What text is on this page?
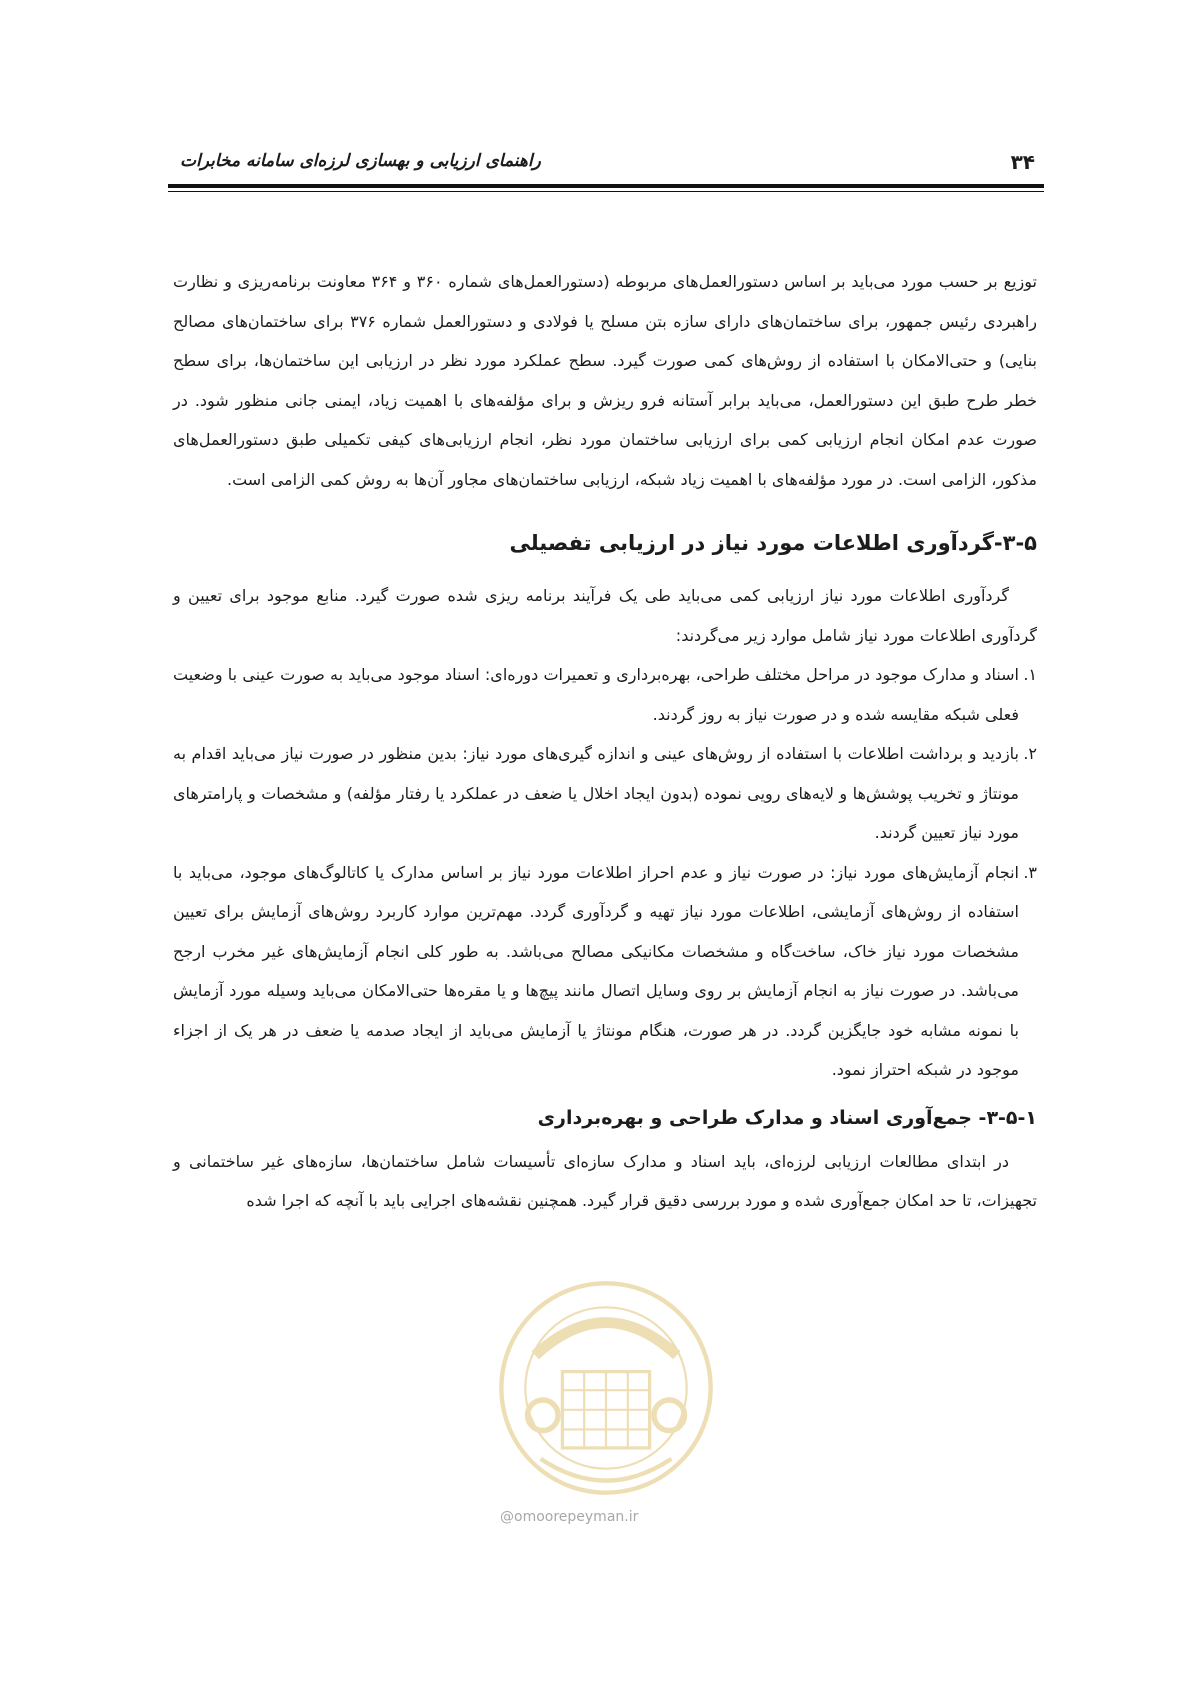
۳۴
راهنمای ارزیابی و بهسازی لرزه‌ای سامانه مخابرات

توزیع بر حسب مورد می‌باید بر اساس دستورالعمل‌های مربوطه (دستورالعمل‌های شماره ۳۶۰ و ۳۶۴ معاونت برنامه‌ریزی و نظارت راهبردی رئیس جمهور، برای ساختمان‌های دارای سازه بتن مسلح یا فولادی و دستورالعمل شماره ۳۷۶ برای ساختمان‌های مصالح بنایی) و حتی‌الامکان با استفاده از روش‌های کمی صورت گیرد. سطح عملکرد مورد نظر در ارزیابی این ساختمان‌ها، برای سطح خطر طرح طبق این دستورالعمل، می‌باید برابر آستانه فرو ریزش و برای مؤلفه‌های با اهمیت زیاد، ایمنی جانی منظور شود. در صورت عدم امکان انجام ارزیابی کمی برای ارزیابی ساختمان مورد نظر، انجام ارزیابی‌های کیفی تکمیلی طبق دستورالعمل‌های مذکور، الزامی است. در مورد مؤلفه‌های با اهمیت زیاد شبکه، ارزیابی ساختمان‌های مجاور آن‌ها به روش کمی الزامی است.

۳-۵-گردآوری اطلاعات مورد نیاز در ارزیابی تفصیلی

گردآوری اطلاعات مورد نیاز ارزیابی کمی می‌باید طی یک فرآیند برنامه ریزی شده صورت گیرد. منابع موجود برای تعیین و گردآوری اطلاعات مورد نیاز شامل موارد زیر می‌گردند:

۱.
اسناد و مدارک موجود در مراحل مختلف طراحی، بهره‌برداری و تعمیرات دوره‌ای: اسناد موجود می‌باید به صورت عینی با وضعیت فعلی شبکه مقایسه شده و در صورت نیاز به روز گردند.
۲.
بازدید و برداشت اطلاعات با استفاده از روش‌های عینی و اندازه گیری‌های مورد نیاز: بدین منظور در صورت نیاز می‌باید اقدام به مونتاژ و تخریب پوشش‌ها و لایه‌های رویی نموده (بدون ایجاد اخلال یا ضعف در عملکرد یا رفتار مؤلفه) و مشخصات و پارامترهای مورد نیاز تعیین گردند.
۳.
انجام آزمایش‌های مورد نیاز: در صورت نیاز و عدم احراز اطلاعات مورد نیاز بر اساس مدارک یا کاتالوگ‌های موجود، می‌باید با استفاده از روش‌های آزمایشی، اطلاعات مورد نیاز تهیه و گردآوری گردد. مهم‌ترین موارد کاربرد روش‌های آزمایش برای تعیین مشخصات مورد نیاز خاک، ساخت‌گاه و مشخصات مکانیکی مصالح می‌باشد. به طور کلی انجام آزمایش‌های غیر مخرب ارجح می‌باشد. در صورت نیاز به انجام آزمایش بر روی وسایل اتصال مانند پیچ‌ها و یا مقره‌ها حتی‌الامکان می‌باید وسیله مورد آزمایش با نمونه مشابه خود جایگزین گردد. در هر صورت، هنگام مونتاژ یا آزمایش می‌باید از ایجاد صدمه یا ضعف در هر یک از اجزاء موجود در شبکه احتراز نمود.
۳-۵-۱- جمع‌آوری اسناد و مدارک طراحی و بهره‌برداری

در ابتدای مطالعات ارزیابی لرزه‌ای، باید اسناد و مدارک سازه‌ای تأسیسات شامل ساختمان‌ها، سازه‌های غیر ساختمانی و تجهیزات، تا حد امکان جمع‌آوری شده و مورد بررسی دقیق قرار گیرد. همچنین نقشه‌های اجرایی باید با آنچه که اجرا شده

@omoorepeyman.ir
